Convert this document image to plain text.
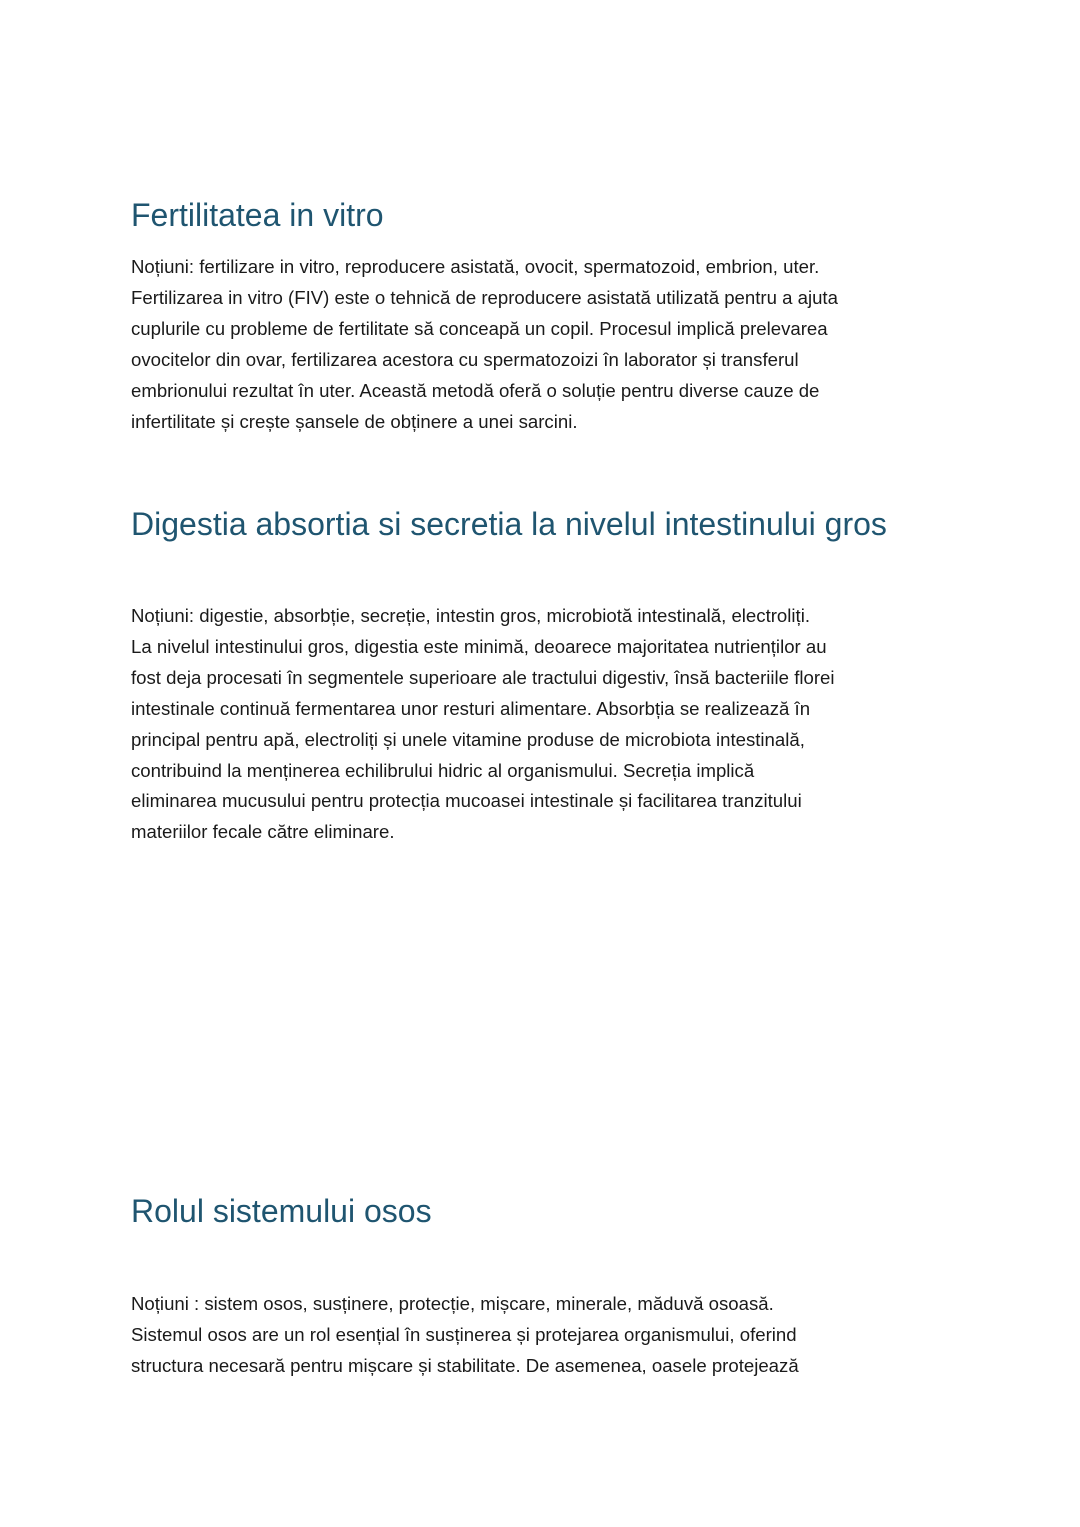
Fertilitatea in vitro

Noțiuni: fertilizare in vitro, reproducere asistată, ovocit, spermatozoid, embrion, uter.
Fertilizarea in vitro (FIV) este o tehnică de reproducere asistată utilizată pentru a ajuta
cuplurile cu probleme de fertilitate să conceapă un copil. Procesul implică prelevarea
ovocitelor din ovar, fertilizarea acestora cu spermatozoizi în laborator și transferul
embrionului rezultat în uter. Această metodă oferă o soluție pentru diverse cauze de
infertilitate și crește șansele de obținere a unei sarcini.

Digestia absortia si secretia la nivelul intestinului gros

Noțiuni: digestie, absorbție, secreție, intestin gros, microbiotă intestinală, electroliți.
La nivelul intestinului gros, digestia este minimă, deoarece majoritatea nutrienților au
fost deja procesati în segmentele superioare ale tractului digestiv, însă bacteriile florei
intestinale continuă fermentarea unor resturi alimentare. Absorbția se realizează în
principal pentru apă, electroliți și unele vitamine produse de microbiota intestinală,
contribuind la menținerea echilibrului hidric al organismului. Secreția implică
eliminarea mucusului pentru protecția mucoasei intestinale și facilitarea tranzitului
materiilor fecale către eliminare.

Rolul sistemului osos

Noțiuni : sistem osos, susținere, protecție, mișcare, minerale, măduvă osoasă.
Sistemul osos are un rol esențial în susținerea și protejarea organismului, oferind
structura necesară pentru mișcare și stabilitate. De asemenea, oasele protejează
